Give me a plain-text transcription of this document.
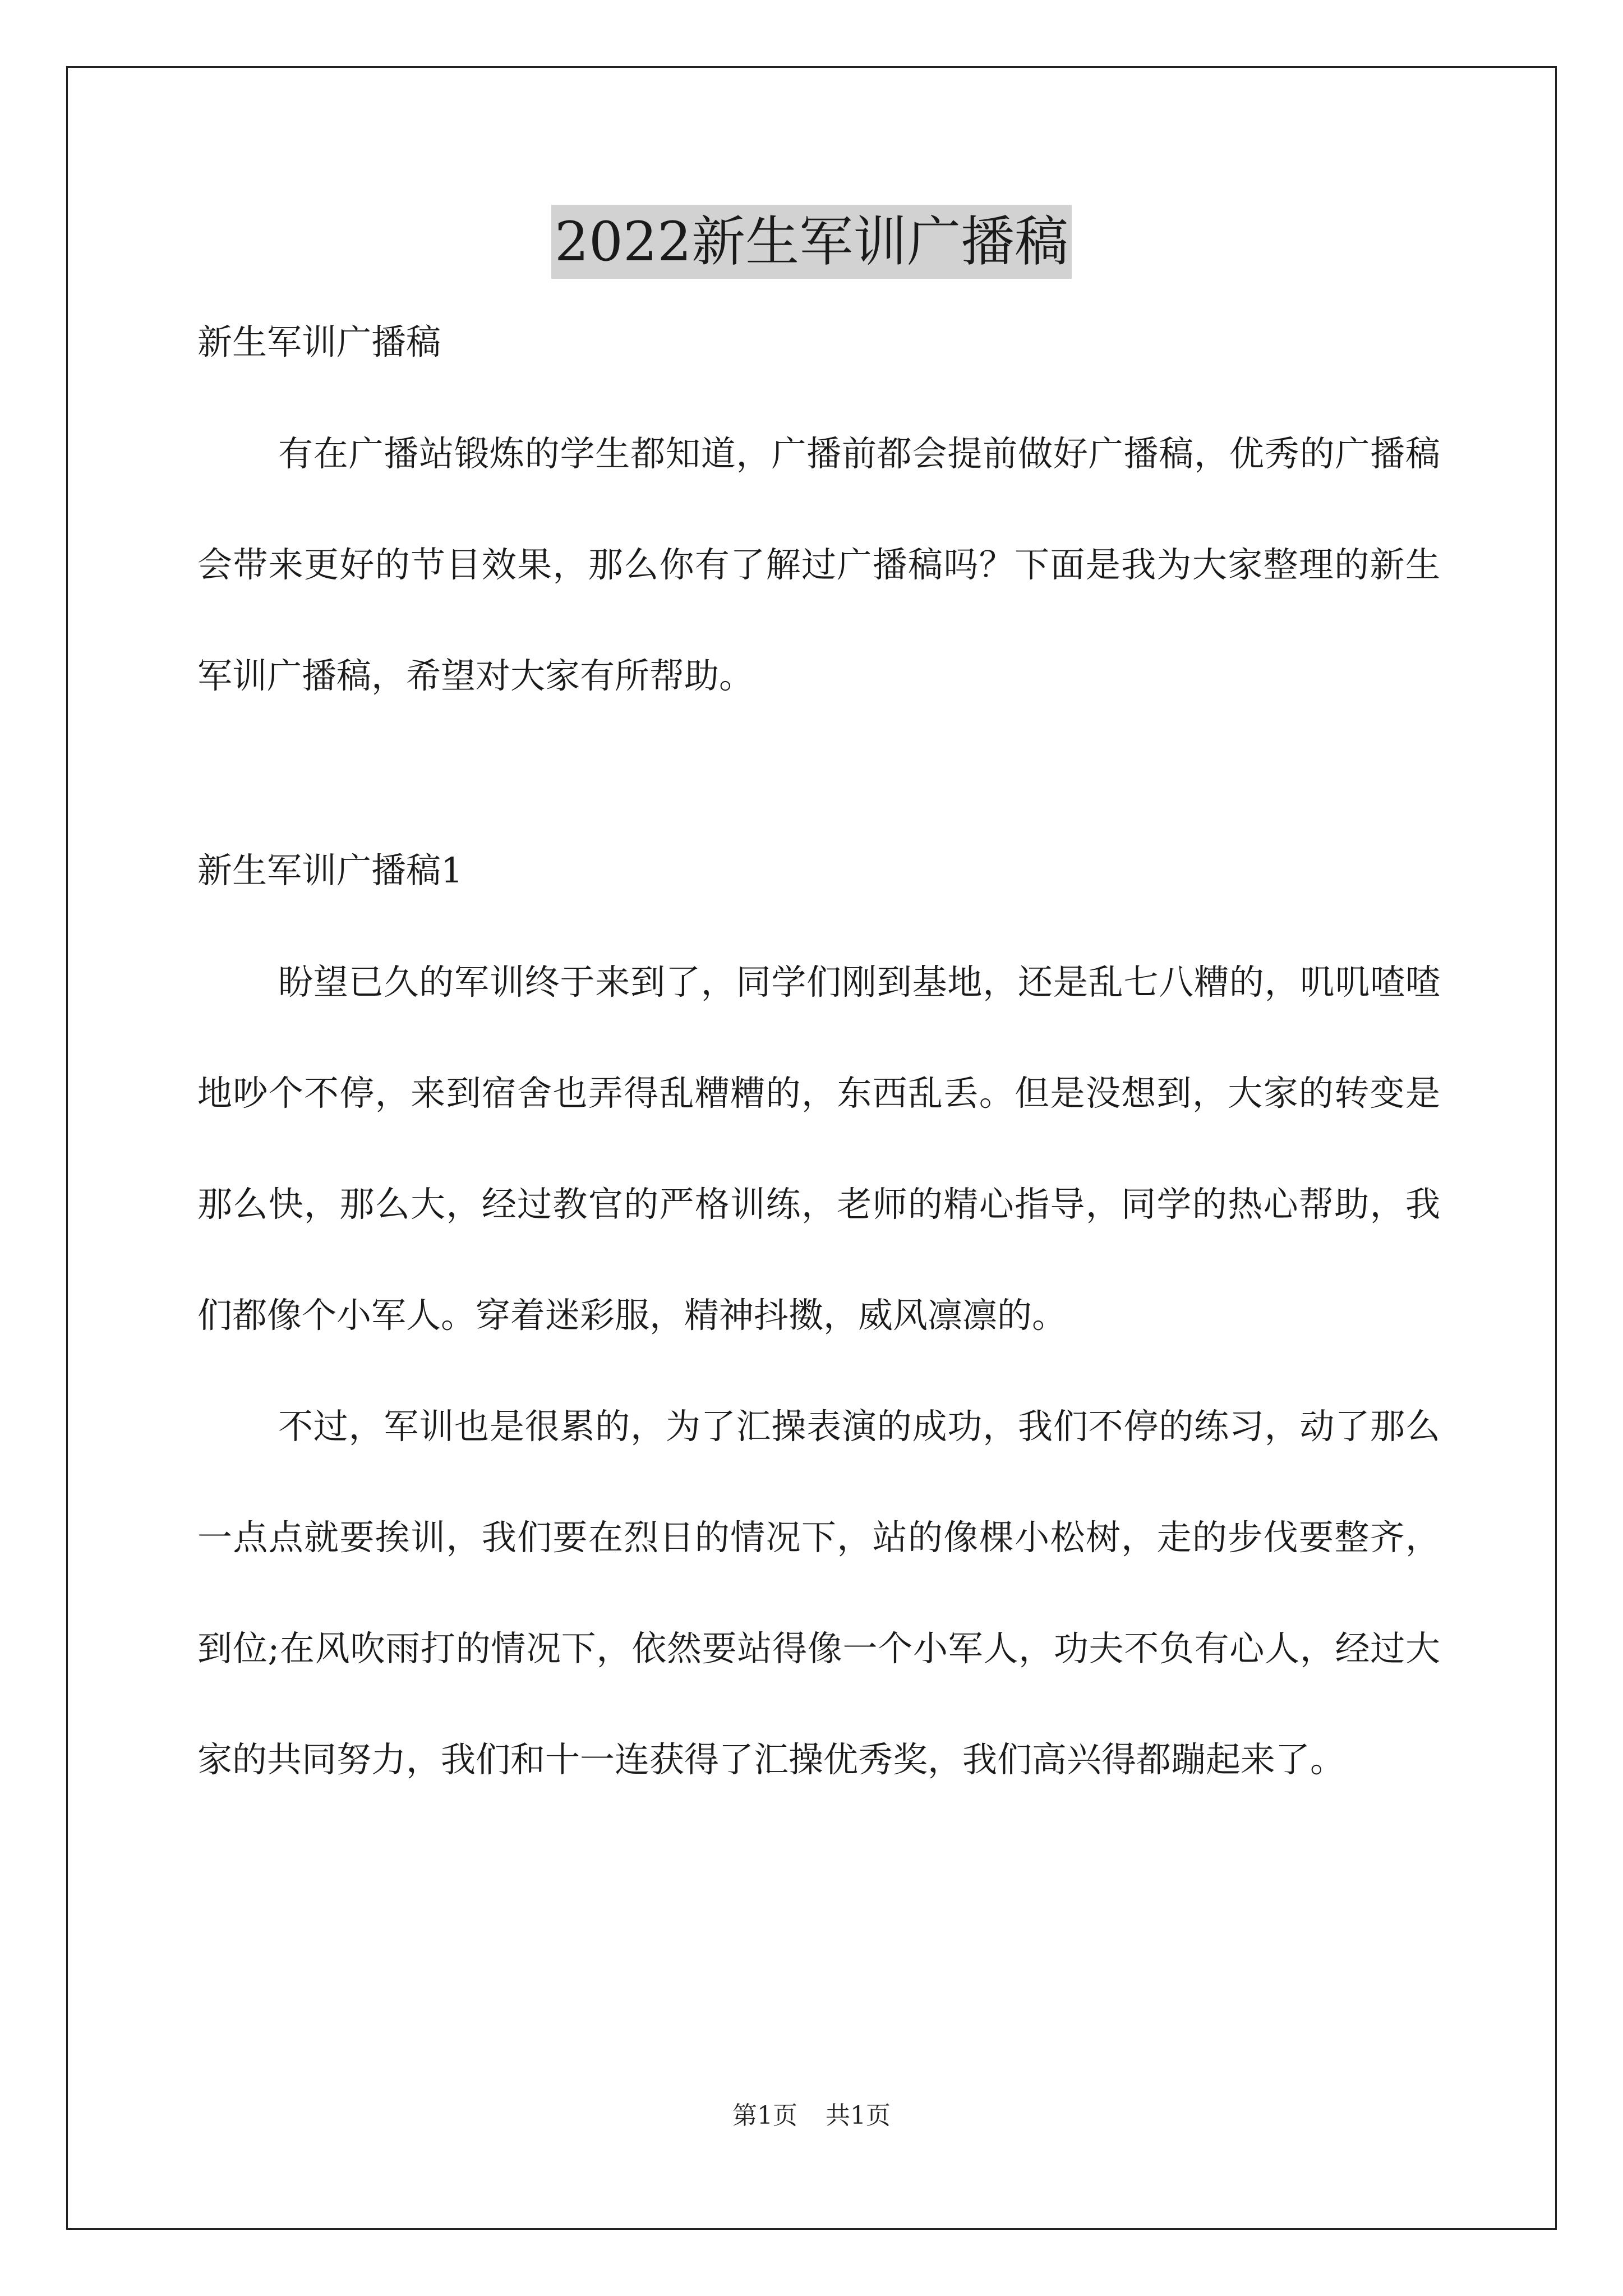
2022新生军训广播稿

新生军训广播稿

有在广播站锻炼的学生都知道，广播前都会提前做好广播稿，优秀的广播稿会带来更好的节目效果，那么你有了解过广播稿吗？下面是我为大家整理的新生军训广播稿，希望对大家有所帮助。

新生军训广播稿1

盼望已久的军训终于来到了，同学们刚到基地，还是乱七八糟的，叽叽喳喳地吵个不停，来到宿舍也弄得乱糟糟的，东西乱丢。但是没想到，大家的转变是那么快，那么大，经过教官的严格训练，老师的精心指导，同学的热心帮助，我们都像个小军人。穿着迷彩服，精神抖擞，威风凛凛的。

不过，军训也是很累的，为了汇操表演的成功，我们不停的练习，动了那么一点点就要挨训，我们要在烈日的情况下，站的像棵小松树，走的步伐要整齐，到位;在风吹雨打的情况下，依然要站得像一个小军人，功夫不负有心人，经过大家的共同努力，我们和十一连获得了汇操优秀奖，我们高兴得都蹦起来了。

第1页 共1页
